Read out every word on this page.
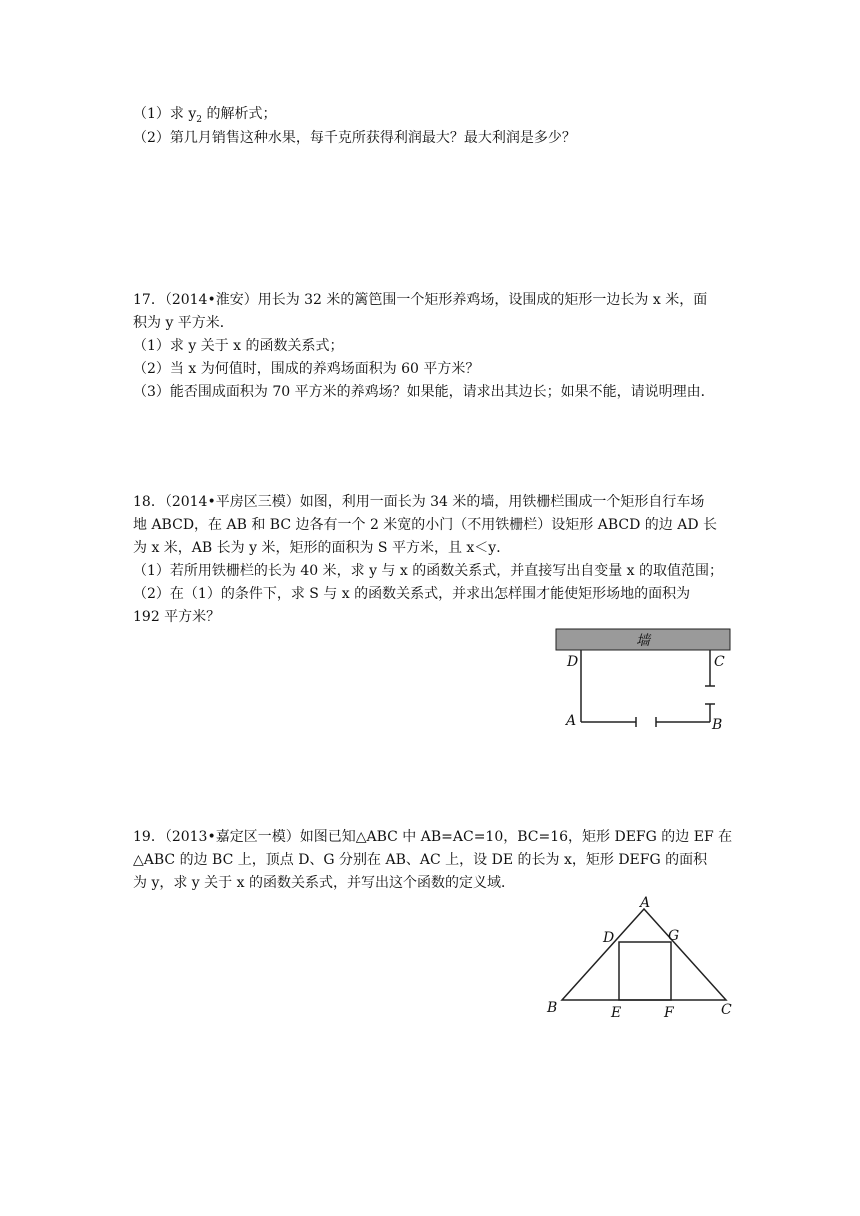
（1）求 $y_2$ 的解析式；
（2）第几月销售这种水果，每千克所获得利润最大？最大利润是多少？
17．（2014•淮安）用长为 32 米的篱笆围一个矩形养鸡场，设围成的矩形一边长为 x 米，面
积为 y 平方米．
（1）求 y 关于 x 的函数关系式；
（2）当 x 为何值时，围成的养鸡场面积为 60 平方米？
（3）能否围成面积为 70 平方米的养鸡场？如果能，请求出其边长；如果不能，请说明理由．
18．（2014•平房区三模）如图，利用一面长为 34 米的墙，用铁栅栏围成一个矩形自行车场
地 ABCD，在 AB 和 BC 边各有一个 2 米宽的小门（不用铁栅栏）设矩形 ABCD 的边 AD 长
为 x 米，AB 长为 y 米，矩形的面积为 S 平方米，且 x＜y．
（1）若所用铁栅栏的长为 40 米，求 y 与 x 的函数关系式，并直接写出自变量 x 的取值范围；
（2）在（1）的条件下，求 S 与 x 的函数关系式，并求出怎样围才能使矩形场地的面积为
192 平方米？
墙
D	C
A	B
19．（2013•嘉定区一模）如图已知△ABC 中 AB=AC=10，BC=16，矩形 DEFG 的边 EF 在
△ABC 的边 BC 上，顶点 D、G 分别在 AB、AC 上，设 DE 的长为 x，矩形 DEFG 的面积
为 y，求 y 关于 x 的函数关系式，并写出这个函数的定义域．
A
D	G
B	E	F	C
